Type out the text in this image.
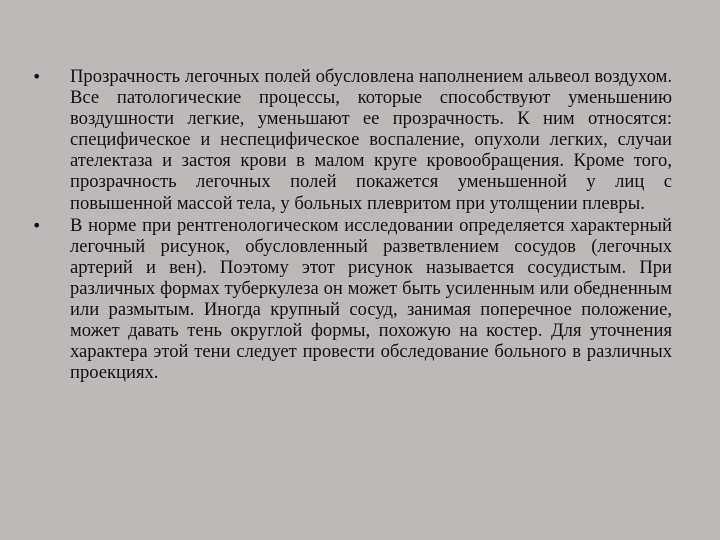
•	Прозрачность легочных полей обусловлена наполнением альвеол воздухом. Все патологические процессы, которые способствуют уменьшению воздушности легкие, уменьшают ее прозрачность. К ним относятся: специфическое и неспецифическое воспаление, опухоли легких, случаи ателектаза и застоя крови в малом круге кровообращения. Кроме того, прозрачность легочных полей покажется уменьшенной у лиц с повышенной массой тела, у больных плевритом при утолщении плевры.
•	В норме при рентгенологическом исследовании определяется характерный легочный рисунок, обусловленный разветвлением сосудов (легочных артерий и вен). Поэтому этот рисунок называется сосудистым. При различных формах туберкулеза он может быть усиленным или обедненным или размытым. Иногда крупный сосуд, занимая поперечное положение, может давать тень округлой формы, похожую на костер. Для уточнения характера этой тени следует провести обследование больного в различных проекциях.
